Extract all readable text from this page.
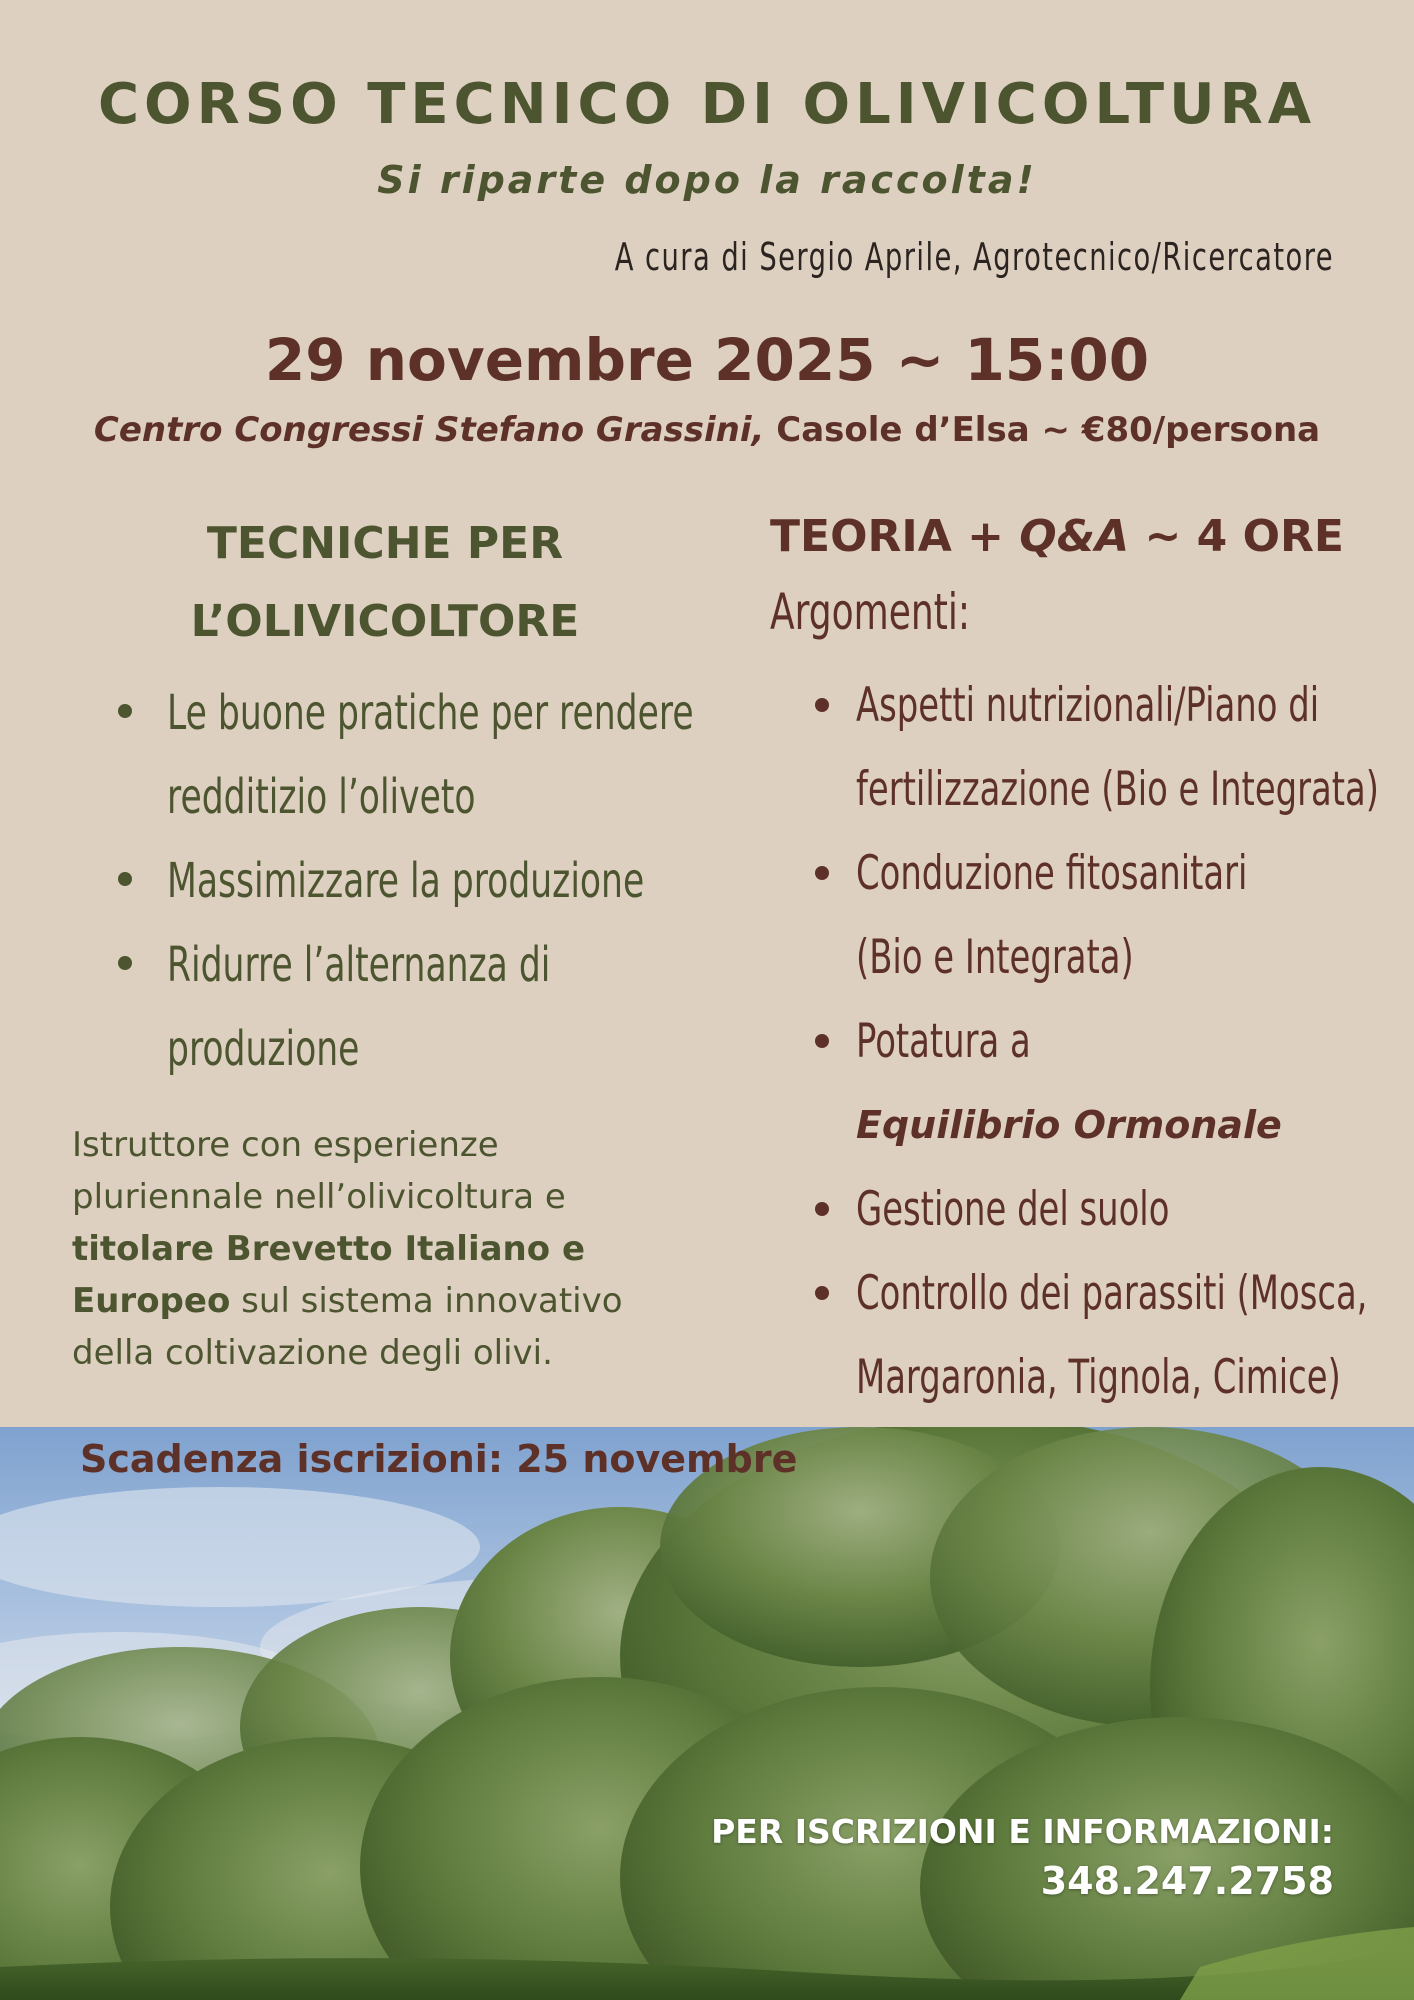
CORSO TECNICO DI OLIVICOLTURA
Si riparte dopo la raccolta!
A cura di Sergio Aprile, Agrotecnico/Ricercatore
29 novembre 2025 ~ 15:00
Centro Congressi Stefano Grassini, Casole d’Elsa ~ €80/persona
TECNICHE PER
L’OLIVICOLTORE
Le buone pratiche per rendere
redditizio l’oliveto
Massimizzare la produzione
Ridurre l’alternanza di
produzione

Istruttore con esperienze pluriennale nell’olivicoltura e titolare Brevetto Italiano e Europeo sul sistema innovativo della coltivazione degli olivi.

TEORIA + Q&A ~ 4 ORE
Argomenti:
Aspetti nutrizionali/Piano di
fertilizzazione (Bio e Integrata)
Conduzione fitosanitari
(Bio e Integrata)
Potatura a
Equilibrio Ormonale
Gestione del suolo
Controllo dei parassiti (Mosca,
Margaronia, Tignola, Cimice)
Scadenza iscrizioni: 25 novembre
PER ISCRIZIONI E INFORMAZIONI:
348.247.2758
